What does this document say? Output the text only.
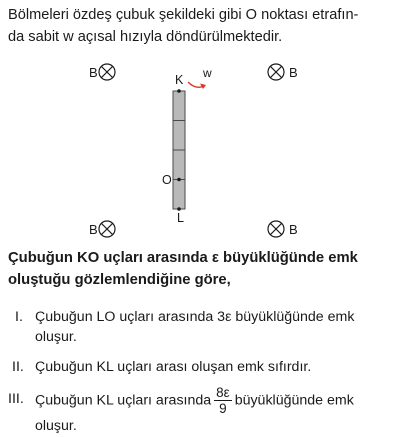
Bölmeleri özdeş çubuk şekildeki gibi O noktası etrafın-
da sabit w açısal hızıyla döndürülmektedir.

B	B
B	B
K
O
L
w

Çubuğun KO uçları arasında ε büyüklüğünde emk
oluştuğu gözlemlendiğine göre,

I. Çubuğun LO uçları arasında 3ε büyüklüğünde emk
oluşur.
II. Çubuğun KL uçları arası oluşan emk sıfırdır.
III. Çubuğun KL uçları arasında $\frac{8\varepsilon}{9}$ büyüklüğünde emk
oluşur.
